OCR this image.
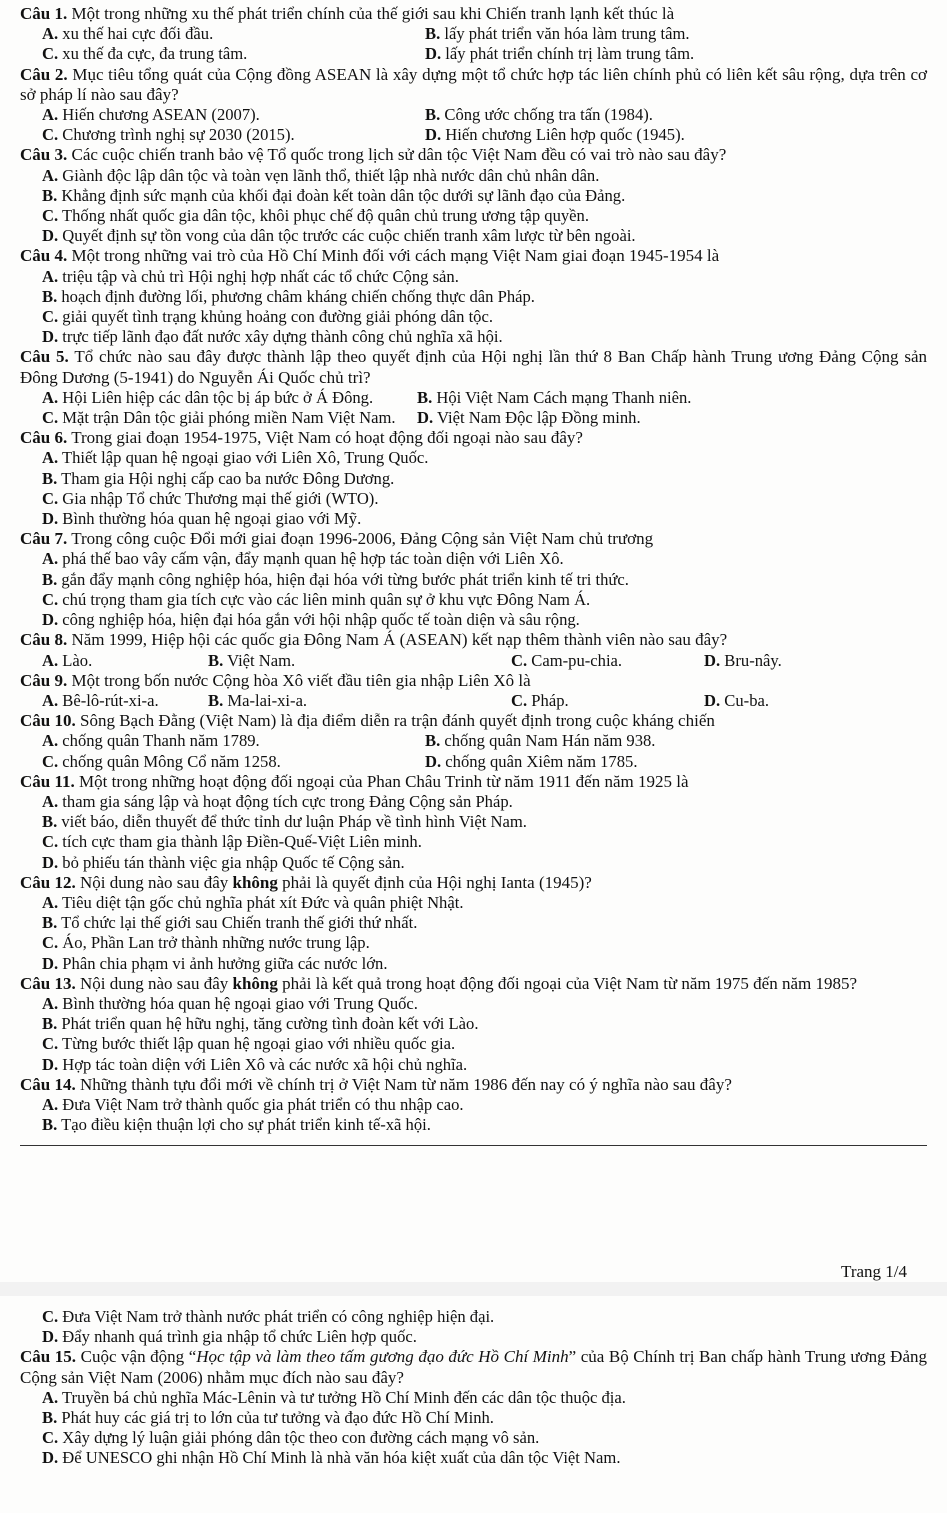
Câu 1. Một trong những xu thế phát triển chính của thế giới sau khi Chiến tranh lạnh kết thúc là
A. xu thế hai cực đối đầu.	B. lấy phát triển văn hóa làm trung tâm.
C. xu thế đa cực, đa trung tâm.	D. lấy phát triển chính trị làm trung tâm.
Câu 2. Mục tiêu tổng quát của Cộng đồng ASEAN là xây dựng một tổ chức hợp tác liên chính phủ có liên kết sâu rộng, dựa trên cơ sở pháp lí nào sau đây?
A. Hiến chương ASEAN (2007).	B. Công ước chống tra tấn (1984).
C. Chương trình nghị sự 2030 (2015).	D. Hiến chương Liên hợp quốc (1945).
Câu 3. Các cuộc chiến tranh bảo vệ Tổ quốc trong lịch sử dân tộc Việt Nam đều có vai trò nào sau đây?
A. Giành độc lập dân tộc và toàn vẹn lãnh thổ, thiết lập nhà nước dân chủ nhân dân.
B. Khẳng định sức mạnh của khối đại đoàn kết toàn dân tộc dưới sự lãnh đạo của Đảng.
C. Thống nhất quốc gia dân tộc, khôi phục chế độ quân chủ trung ương tập quyền.
D. Quyết định sự tồn vong của dân tộc trước các cuộc chiến tranh xâm lược từ bên ngoài.
Câu 4. Một trong những vai trò của Hồ Chí Minh đối với cách mạng Việt Nam giai đoạn 1945-1954 là
A. triệu tập và chủ trì Hội nghị hợp nhất các tổ chức Cộng sản.
B. hoạch định đường lối, phương châm kháng chiến chống thực dân Pháp.
C. giải quyết tình trạng khủng hoảng con đường giải phóng dân tộc.
D. trực tiếp lãnh đạo đất nước xây dựng thành công chủ nghĩa xã hội.
Câu 5. Tổ chức nào sau đây được thành lập theo quyết định của Hội nghị lần thứ 8 Ban Chấp hành Trung ương Đảng Cộng sản Đông Dương (5-1941) do Nguyễn Ái Quốc chủ trì?
A. Hội Liên hiệp các dân tộc bị áp bức ở Á Đông.	B. Hội Việt Nam Cách mạng Thanh niên.
C. Mặt trận Dân tộc giải phóng miền Nam Việt Nam.	D. Việt Nam Độc lập Đồng minh.
Câu 6. Trong giai đoạn 1954-1975, Việt Nam có hoạt động đối ngoại nào sau đây?
A. Thiết lập quan hệ ngoại giao với Liên Xô, Trung Quốc.
B. Tham gia Hội nghị cấp cao ba nước Đông Dương.
C. Gia nhập Tổ chức Thương mại thế giới (WTO).
D. Bình thường hóa quan hệ ngoại giao với Mỹ.
Câu 7. Trong công cuộc Đổi mới giai đoạn 1996-2006, Đảng Cộng sản Việt Nam chủ trương
A. phá thế bao vây cấm vận, đẩy mạnh quan hệ hợp tác toàn diện với Liên Xô.
B. gắn đẩy mạnh công nghiệp hóa, hiện đại hóa với từng bước phát triển kinh tế tri thức.
C. chú trọng tham gia tích cực vào các liên minh quân sự ở khu vực Đông Nam Á.
D. công nghiệp hóa, hiện đại hóa gắn với hội nhập quốc tế toàn diện và sâu rộng.
Câu 8. Năm 1999, Hiệp hội các quốc gia Đông Nam Á (ASEAN) kết nạp thêm thành viên nào sau đây?
A. Lào.	B. Việt Nam.	C. Cam-pu-chia.	D. Bru-nây.
Câu 9. Một trong bốn nước Cộng hòa Xô viết đầu tiên gia nhập Liên Xô là
A. Bê-lô-rút-xi-a.	B. Ma-lai-xi-a.	C. Pháp.	D. Cu-ba.
Câu 10. Sông Bạch Đằng (Việt Nam) là địa điểm diễn ra trận đánh quyết định trong cuộc kháng chiến
A. chống quân Thanh năm 1789.	B. chống quân Nam Hán năm 938.
C. chống quân Mông Cổ năm 1258.	D. chống quân Xiêm năm 1785.
Câu 11. Một trong những hoạt động đối ngoại của Phan Châu Trinh từ năm 1911 đến năm 1925 là
A. tham gia sáng lập và hoạt động tích cực trong Đảng Cộng sản Pháp.
B. viết báo, diễn thuyết để thức tỉnh dư luận Pháp về tình hình Việt Nam.
C. tích cực tham gia thành lập Điền-Quế-Việt Liên minh.
D. bỏ phiếu tán thành việc gia nhập Quốc tế Cộng sản.
Câu 12. Nội dung nào sau đây không phải là quyết định của Hội nghị Ianta (1945)?
A. Tiêu diệt tận gốc chủ nghĩa phát xít Đức và quân phiệt Nhật.
B. Tổ chức lại thế giới sau Chiến tranh thế giới thứ nhất.
C. Áo, Phần Lan trở thành những nước trung lập.
D. Phân chia phạm vi ảnh hưởng giữa các nước lớn.
Câu 13. Nội dung nào sau đây không phải là kết quả trong hoạt động đối ngoại của Việt Nam từ năm 1975 đến năm 1985?
A. Bình thường hóa quan hệ ngoại giao với Trung Quốc.
B. Phát triển quan hệ hữu nghị, tăng cường tình đoàn kết với Lào.
C. Từng bước thiết lập quan hệ ngoại giao với nhiều quốc gia.
D. Hợp tác toàn diện với Liên Xô và các nước xã hội chủ nghĩa.
Câu 14. Những thành tựu đổi mới về chính trị ở Việt Nam từ năm 1986 đến nay có ý nghĩa nào sau đây?
A. Đưa Việt Nam trở thành quốc gia phát triển có thu nhập cao.
B. Tạo điều kiện thuận lợi cho sự phát triển kinh tế-xã hội.
Trang 1/4
C. Đưa Việt Nam trở thành nước phát triển có công nghiệp hiện đại.
D. Đẩy nhanh quá trình gia nhập tổ chức Liên hợp quốc.
Câu 15. Cuộc vận động “Học tập và làm theo tấm gương đạo đức Hồ Chí Minh” của Bộ Chính trị Ban chấp hành Trung ương Đảng Cộng sản Việt Nam (2006) nhằm mục đích nào sau đây?
A. Truyền bá chủ nghĩa Mác-Lênin và tư tưởng Hồ Chí Minh đến các dân tộc thuộc địa.
B. Phát huy các giá trị to lớn của tư tưởng và đạo đức Hồ Chí Minh.
C. Xây dựng lý luận giải phóng dân tộc theo con đường cách mạng vô sản.
D. Để UNESCO ghi nhận Hồ Chí Minh là nhà văn hóa kiệt xuất của dân tộc Việt Nam.
